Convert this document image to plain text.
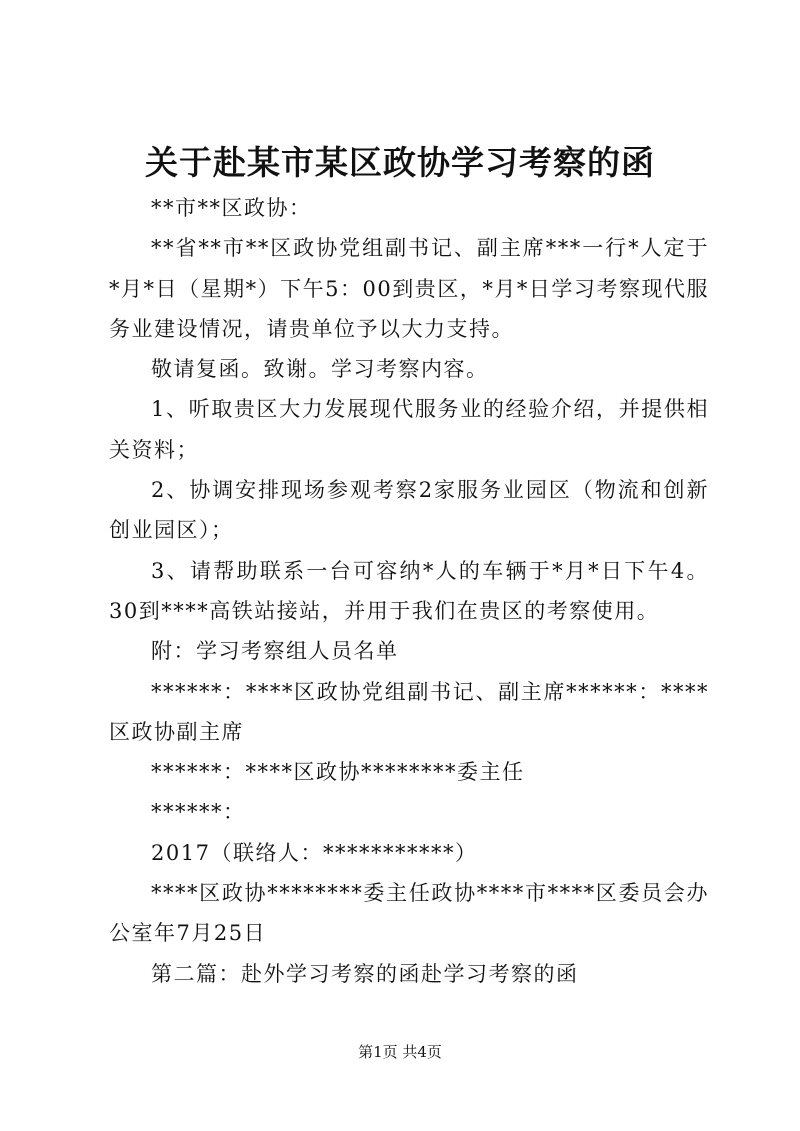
关于赴某市某区政协学习考察的函

**市**区政协：

**省**市**区政协党组副书记、副主席***一行*人定于*月*日（星期*）下午5：00到贵区，*月*日学习考察现代服务业建设情况，请贵单位予以大力支持。

敬请复函。致谢。学习考察内容。

1、听取贵区大力发展现代服务业的经验介绍，并提供相关资料；

2、协调安排现场参观考察2家服务业园区（物流和创新创业园区）；

3、请帮助联系一台可容纳*人的车辆于*月*日下午4。30到****高铁站接站，并用于我们在贵区的考察使用。

附：学习考察组人员名单

******：****区政协党组副书记、副主席******：****区政协副主席

******：****区政协********委主任

******：

2017（联络人：***********）

****区政协********委主任政协****市****区委员会办公室年7月25日

第二篇：赴外学习考察的函赴学习考察的函

第1页 共4页
